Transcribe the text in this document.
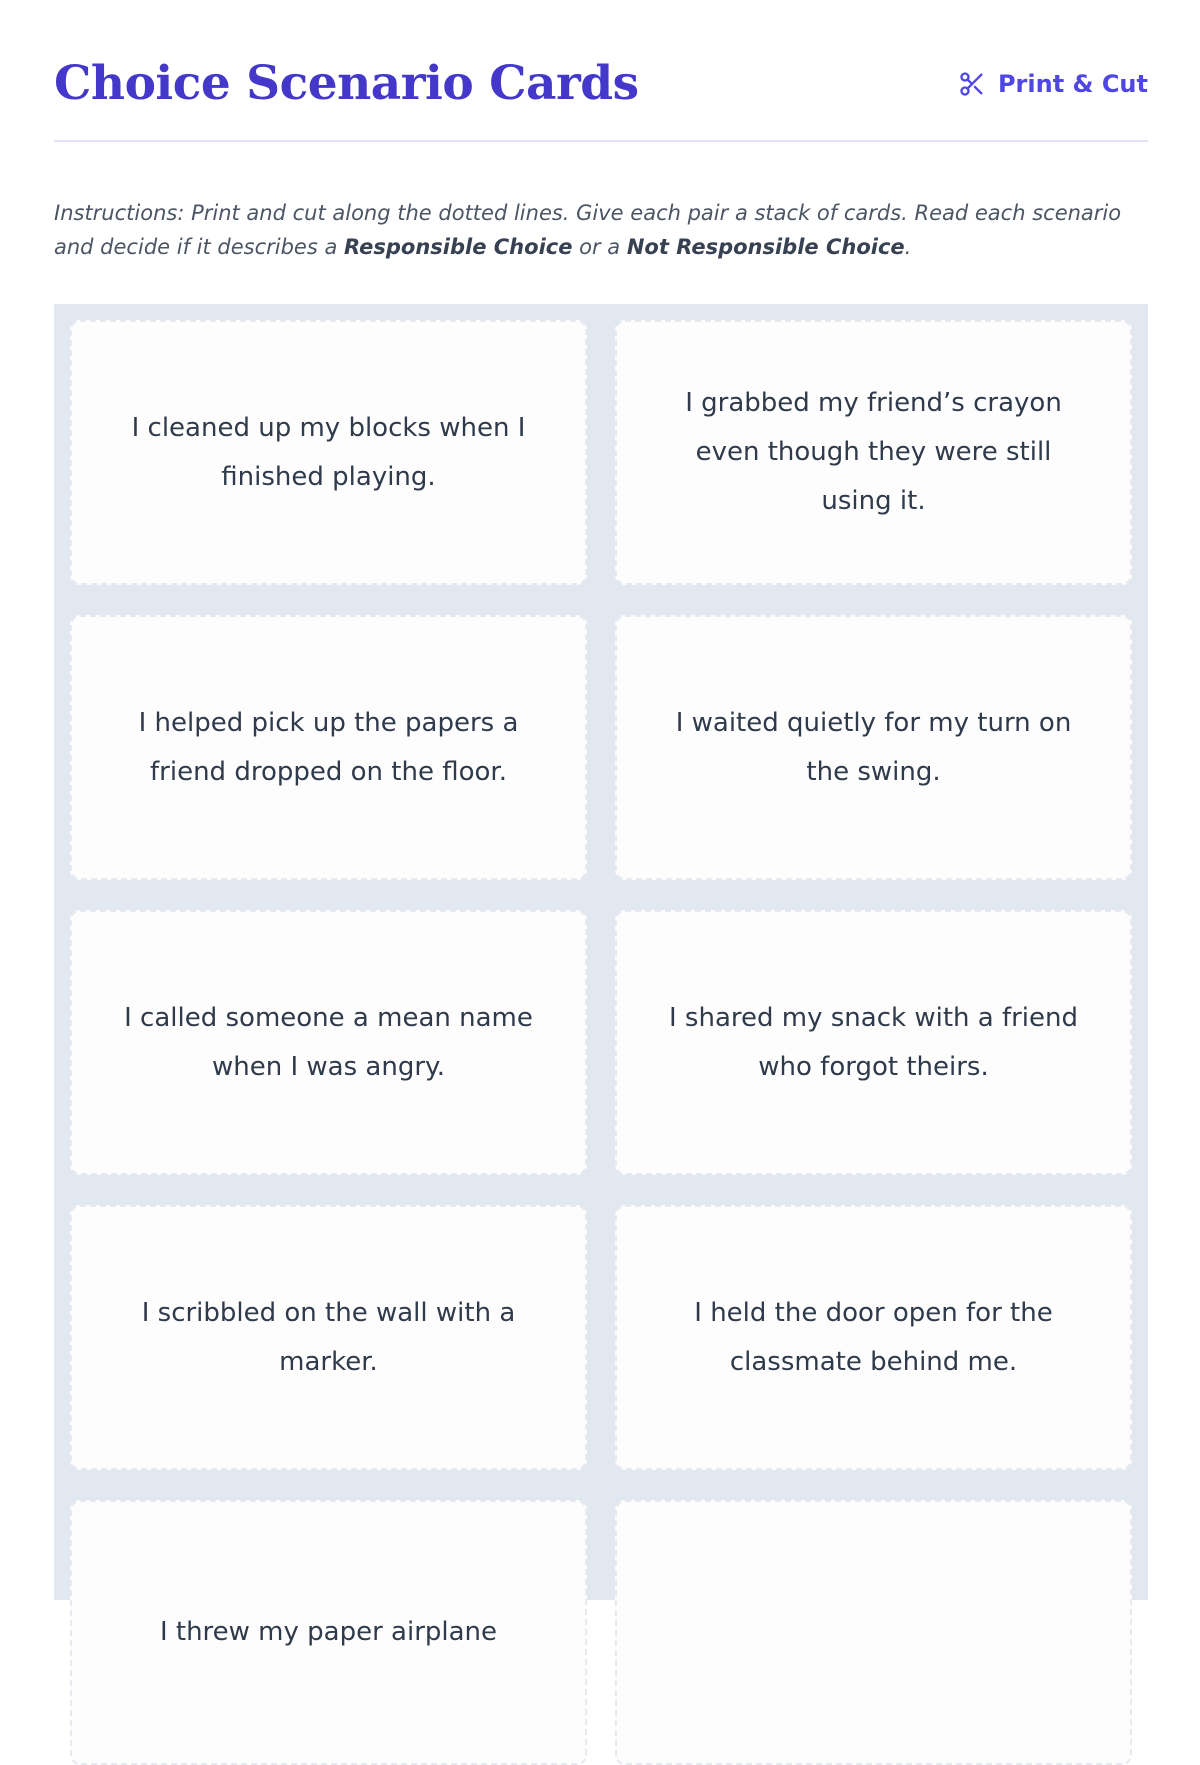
Choice Scenario Cards	Print & Cut

Instructions: Print and cut along the dotted lines. Give each pair a stack of cards. Read each scenario and decide if it describes a Responsible Choice or a Not Responsible Choice.

I cleaned up my blocks when I finished playing.
I grabbed my friend’s crayon even though they were still using it.
I helped pick up the papers a friend dropped on the floor.
I waited quietly for my turn on the swing.
I called someone a mean name when I was angry.
I shared my snack with a friend who forgot theirs.
I scribbled on the wall with a marker.
I held the door open for the classmate behind me.
I threw my paper airplane
